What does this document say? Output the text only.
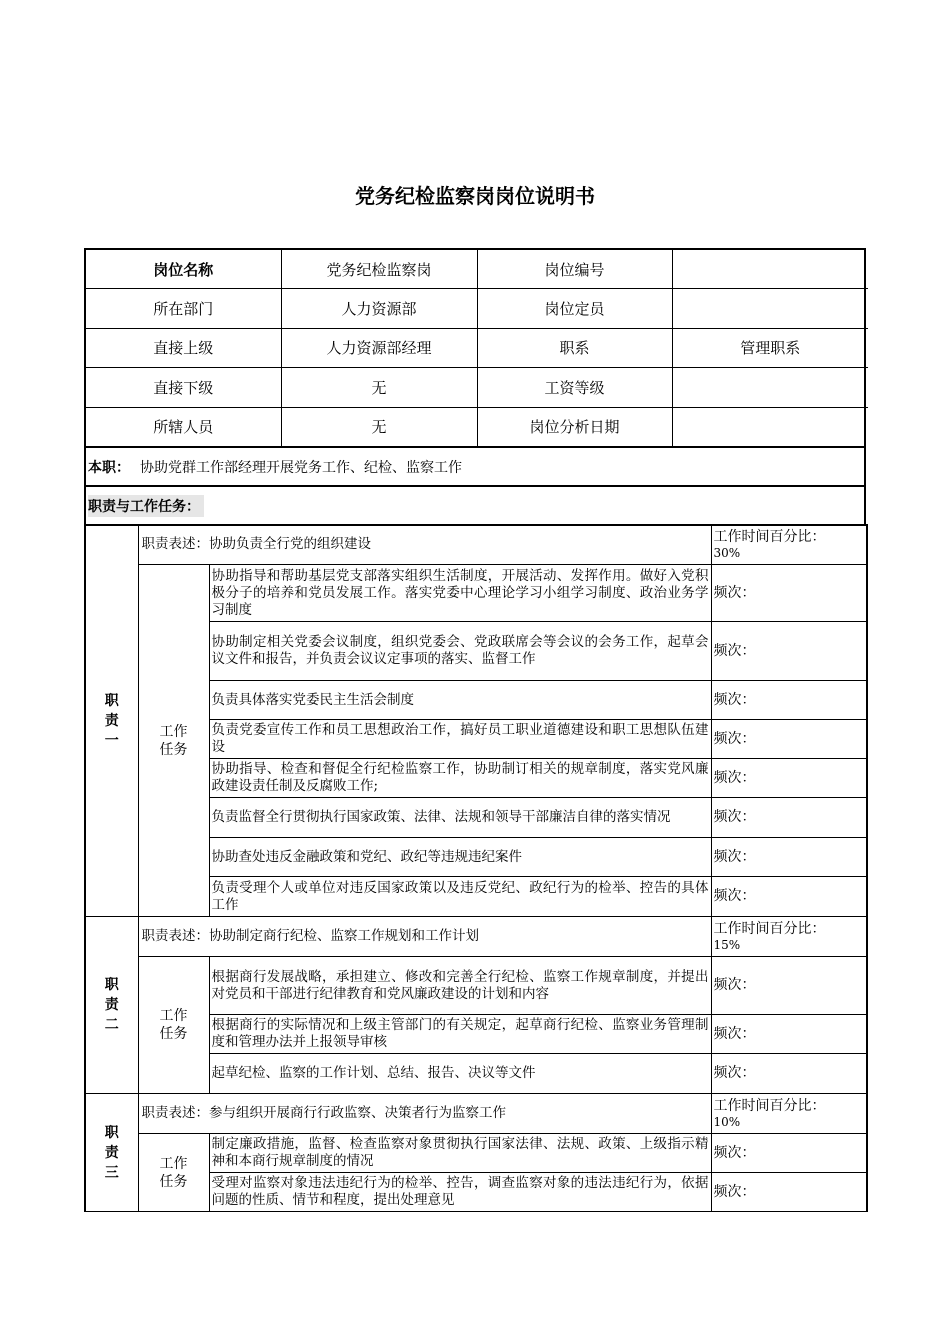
党务纪检监察岗岗位说明书
岗位名称	党务纪检监察岗	岗位编号	
所在部门	人力资源部	岗位定员	
直接上级	人力资源部经理	职系	管理职系
直接下级	无	工资等级	
所辖人员	无	岗位分析日期	
本职： 协助党群工作部经理开展党务工作、纪检、监察工作
职责与工作任务：
职责一	职责表述：协助负责全行党的组织建设		工作时间百分比：
30%

	工作任务	协助指导和帮助基层党支部落实组织生活制度，开展活动、发挥作用。做好入党积极分子的培养和党员发展工作。落实党委中心理论学习小组学习制度、政治业务学习制度	频次：
		协助制定相关党委会议制度，组织党委会、党政联席会等会议的会务工作，起草会议文件和报告，并负责会议议定事项的落实、监督工作	频次：
		负责具体落实党委民主生活会制度	频次：
		负责党委宣传工作和员工思想政治工作，搞好员工职业道德建设和职工思想队伍建设	频次：
		协助指导、检查和督促全行纪检监察工作，协助制订相关的规章制度，落实党风廉政建设责任制及反腐败工作;	频次：
		负责监督全行贯彻执行国家政策、法律、法规和领导干部廉洁自律的落实情况	频次：
		协助查处违反金融政策和党纪、政纪等违规违纪案件	频次：
		负责受理个人或单位对违反国家政策以及违反党纪、政纪行为的检举、控告的具体工作	频次：
职责二	职责表述：协助制定商行纪检、监察工作规划和工作计划		工作时间百分比：
15%

	工作任务	根据商行发展战略，承担建立、修改和完善全行纪检、监察工作规章制度，并提出对党员和干部进行纪律教育和党风廉政建设的计划和内容	频次：
		根据商行的实际情况和上级主管部门的有关规定，起草商行纪检、监察业务管理制度和管理办法并上报领导审核	频次：
		起草纪检、监察的工作计划、总结、报告、决议等文件	频次：
职责三	职责表述：参与组织开展商行行政监察、决策者行为监察工作		工作时间百分比：
10%

	工作任务	制定廉政措施，监督、检查监察对象贯彻执行国家法律、法规、政策、上级指示精神和本商行规章制度的情况	频次：
		受理对监察对象违法违纪行为的检举、控告，调查监察对象的违法违纪行为，依据问题的性质、情节和程度，提出处理意见	频次：
